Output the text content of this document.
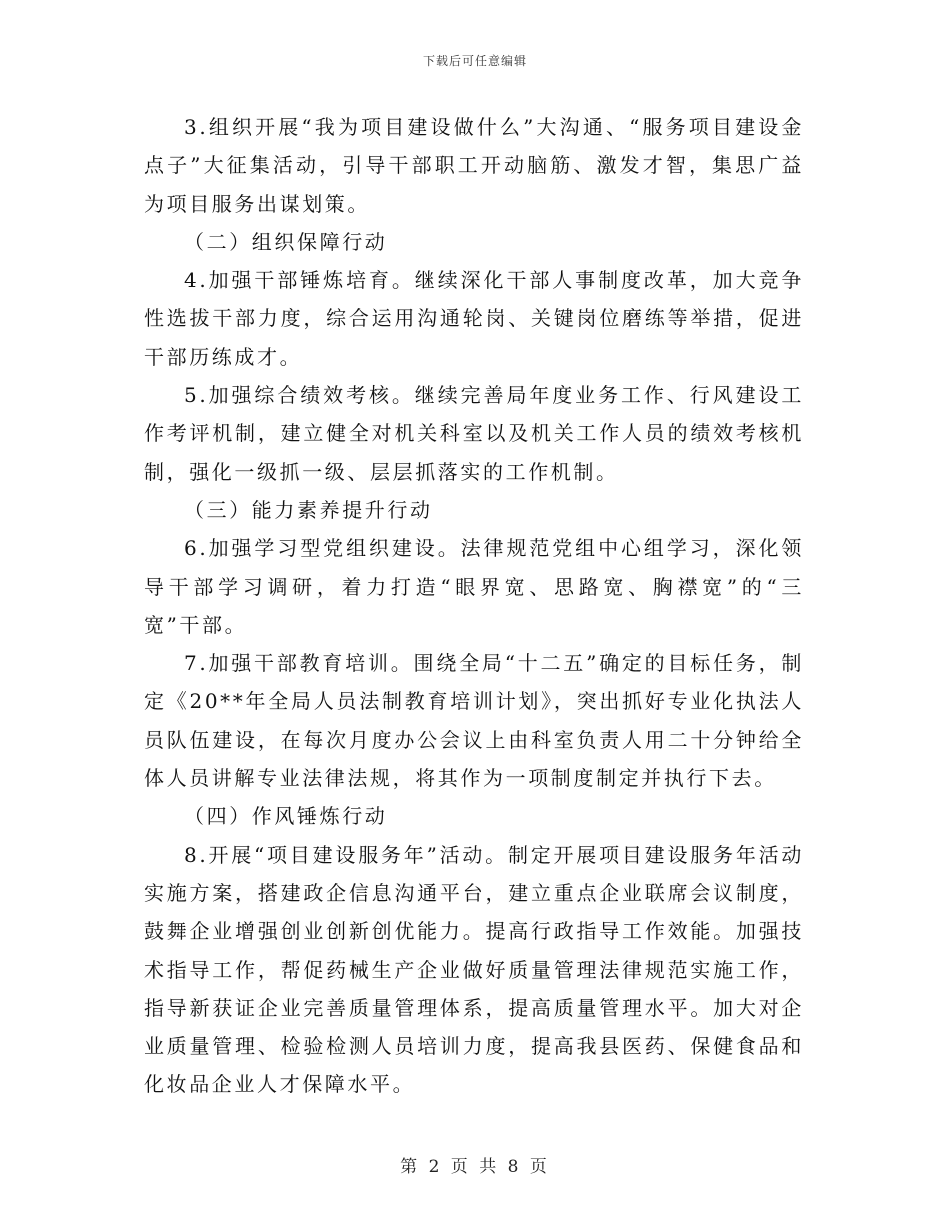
下载后可任意编辑

3.组织开展“我为项目建设做什么”大沟通、“服务项目建设金点子”大征集活动，引导干部职工开动脑筋、激发才智，集思广益为项目服务出谋划策。

（二）组织保障行动

4.加强干部锤炼培育。继续深化干部人事制度改革，加大竞争性选拔干部力度，综合运用沟通轮岗、关键岗位磨练等举措，促进干部历练成才。

5.加强综合绩效考核。继续完善局年度业务工作、行风建设工作考评机制，建立健全对机关科室以及机关工作人员的绩效考核机制，强化一级抓一级、层层抓落实的工作机制。

（三）能力素养提升行动

6.加强学习型党组织建设。法律规范党组中心组学习，深化领导干部学习调研，着力打造“眼界宽、思路宽、胸襟宽”的“三宽”干部。

7.加强干部教育培训。围绕全局“十二五”确定的目标任务，制定《20**年全局人员法制教育培训计划》，突出抓好专业化执法人员队伍建设，在每次月度办公会议上由科室负责人用二十分钟给全体人员讲解专业法律法规，将其作为一项制度制定并执行下去。

（四）作风锤炼行动

8.开展“项目建设服务年”活动。制定开展项目建设服务年活动实施方案，搭建政企信息沟通平台，建立重点企业联席会议制度，鼓舞企业增强创业创新创优能力。提高行政指导工作效能。加强技术指导工作，帮促药械生产企业做好质量管理法律规范实施工作，指导新获证企业完善质量管理体系，提高质量管理水平。加大对企业质量管理、检验检测人员培训力度，提高我县医药、保健食品和化妆品企业人才保障水平。

第 2 页 共 8 页
